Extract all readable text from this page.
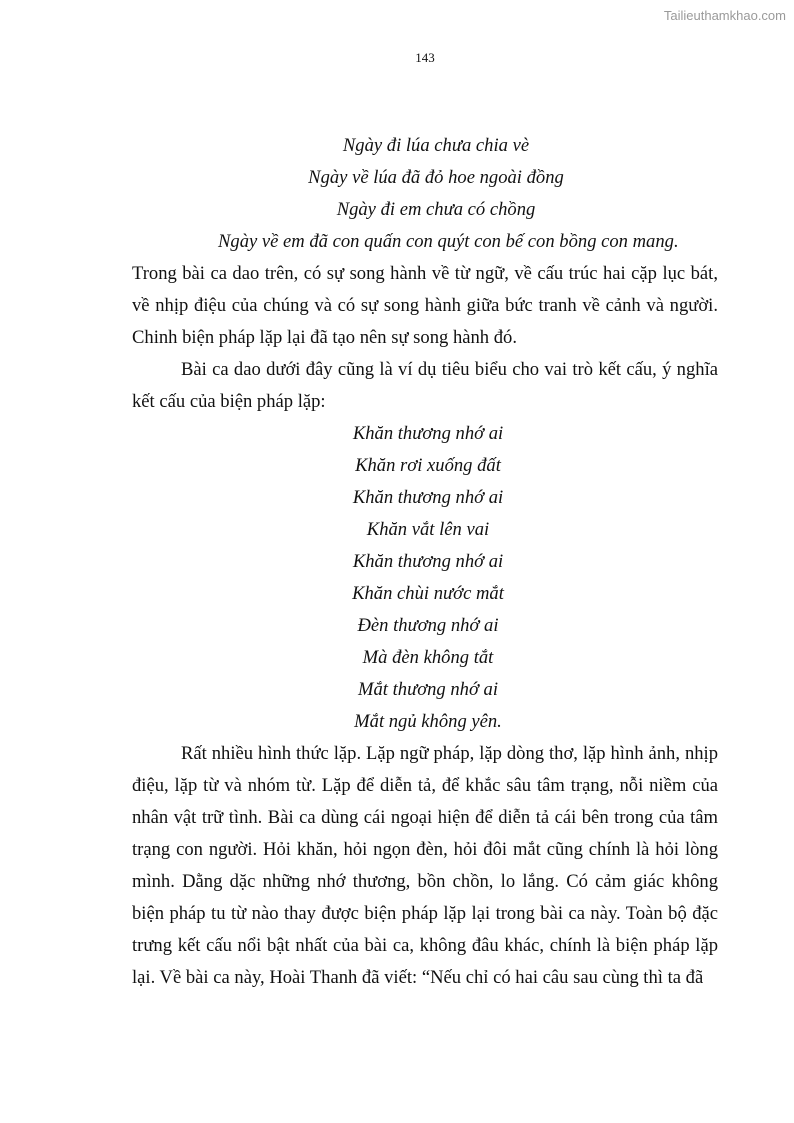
Tailieuthamkhao.com
143
Ngày đi lúa chưa chia vè
Ngày về lúa đã đỏ hoe ngoài đồng
Ngày đi em chưa có chồng
Ngày về em đã con quấn con quýt con bế con bồng con mang.

Trong bài ca dao trên, có sự song hành về từ ngữ, về cấu trúc hai cặp lục bát, về nhịp điệu của chúng và có sự song hành giữa bức tranh về cảnh và người. Chinh biện pháp lặp lại đã tạo nên sự song hành đó.

Bài ca dao dưới đây cũng là ví dụ tiêu biểu cho vai trò kết cấu, ý nghĩa kết cấu của biện pháp lặp:

Khăn thương nhớ ai
Khăn rơi xuống đất
Khăn thương nhớ ai
Khăn vắt lên vai
Khăn thương nhớ ai
Khăn chùi nước mắt
Đèn thương nhớ ai
Mà đèn không tắt
Mắt thương nhớ ai
Mắt ngủ không yên.

Rất nhiều hình thức lặp. Lặp ngữ pháp, lặp dòng thơ, lặp hình ảnh, nhịp điệu, lặp từ và nhóm từ. Lặp để diễn tả, để khắc sâu tâm trạng, nỗi niềm của nhân vật trữ tình. Bài ca dùng cái ngoại hiện để diễn tả cái bên trong của tâm trạng con người. Hỏi khăn, hỏi ngọn đèn, hỏi đôi mắt cũng chính là hỏi lòng mình. Dằng dặc những nhớ thương, bồn chồn, lo lắng. Có cảm giác không biện pháp tu từ nào thay được biện pháp lặp lại trong bài ca này. Toàn bộ đặc trưng kết cấu nổi bật nhất của bài ca, không đâu khác, chính là biện pháp lặp lại. Về bài ca này, Hoài Thanh đã viết: “Nếu chỉ có hai câu sau cùng thì ta đã
